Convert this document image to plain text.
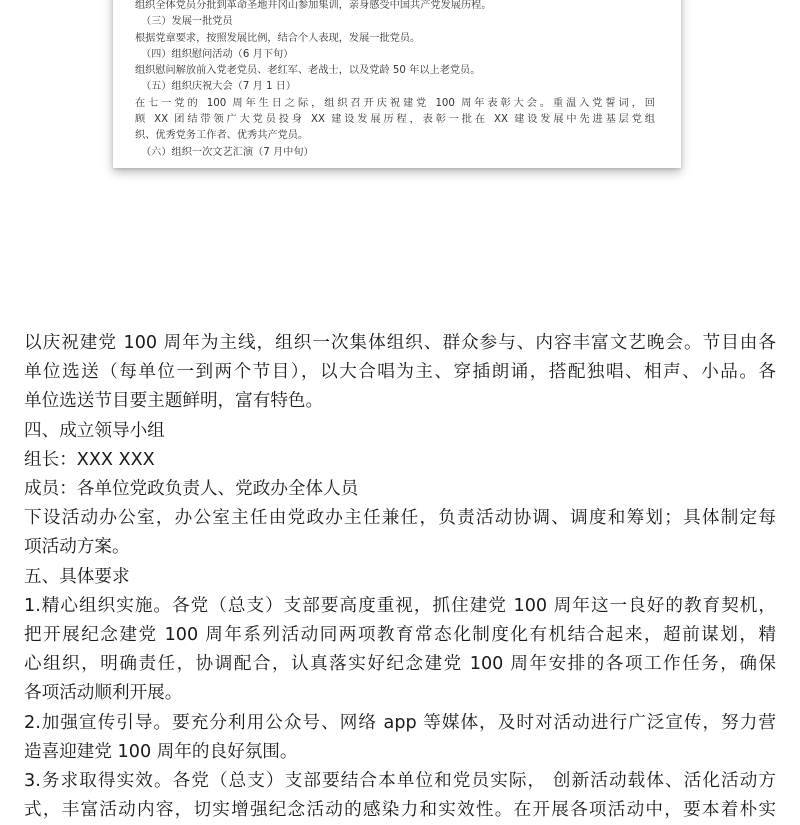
组织全体党员分批到革命圣地井冈山参加集训，亲身感受中国共产党发展历程。

（三）发展一批党员

根据党章要求，按照发展比例，结合个人表现，发展一批党员。

（四）组织慰问活动（6 月下旬）

组织慰问解放前入党老党员、老红军、老战士，以及党龄 50 年以上老党员。

（五）组织庆祝大会（7 月 1 日）

在七一党的 100 周年生日之际，组织召开庆祝建党 100 周年表彰大会。重温入党誓词，回

顾 XX 团结带领广大党员投身 XX 建设发展历程，表彰一批在 XX 建设发展中先进基层党组

织、优秀党务工作者、优秀共产党员。

（六）组织一次文艺汇演（7 月中旬）

以庆祝建党 100 周年为主线，组织一次集体组织、群众参与、内容丰富文艺晚会。节目由各

单位选送（每单位一到两个节目），以大合唱为主、穿插朗诵，搭配独唱、相声、小品。各

单位选送节目要主题鲜明，富有特色。

四、成立领导小组

组长：XXX XXX

成员：各单位党政负责人、党政办全体人员

下设活动办公室，办公室主任由党政办主任兼任，负责活动协调、调度和筹划；具体制定每

项活动方案。

五、具体要求

1.精心组织实施。各党（总支）支部要高度重视，抓住建党 100 周年这一良好的教育契机，

把开展纪念建党 100 周年系列活动同两项教育常态化制度化有机结合起来，超前谋划，精

心组织，明确责任，协调配合，认真落实好纪念建党 100 周年安排的各项工作任务，确保

各项活动顺利开展。

2.加强宣传引导。要充分利用公众号、网络 app 等媒体，及时对活动进行广泛宣传，努力营

造喜迎建党 100 周年的良好氛围。

3.务求取得实效。各党（总支）支部要结合本单位和党员实际， 创新活动载体、活化活动方

式，丰富活动内容，切实增强纪念活动的感染力和实效性。在开展各项活动中，要本着朴实
